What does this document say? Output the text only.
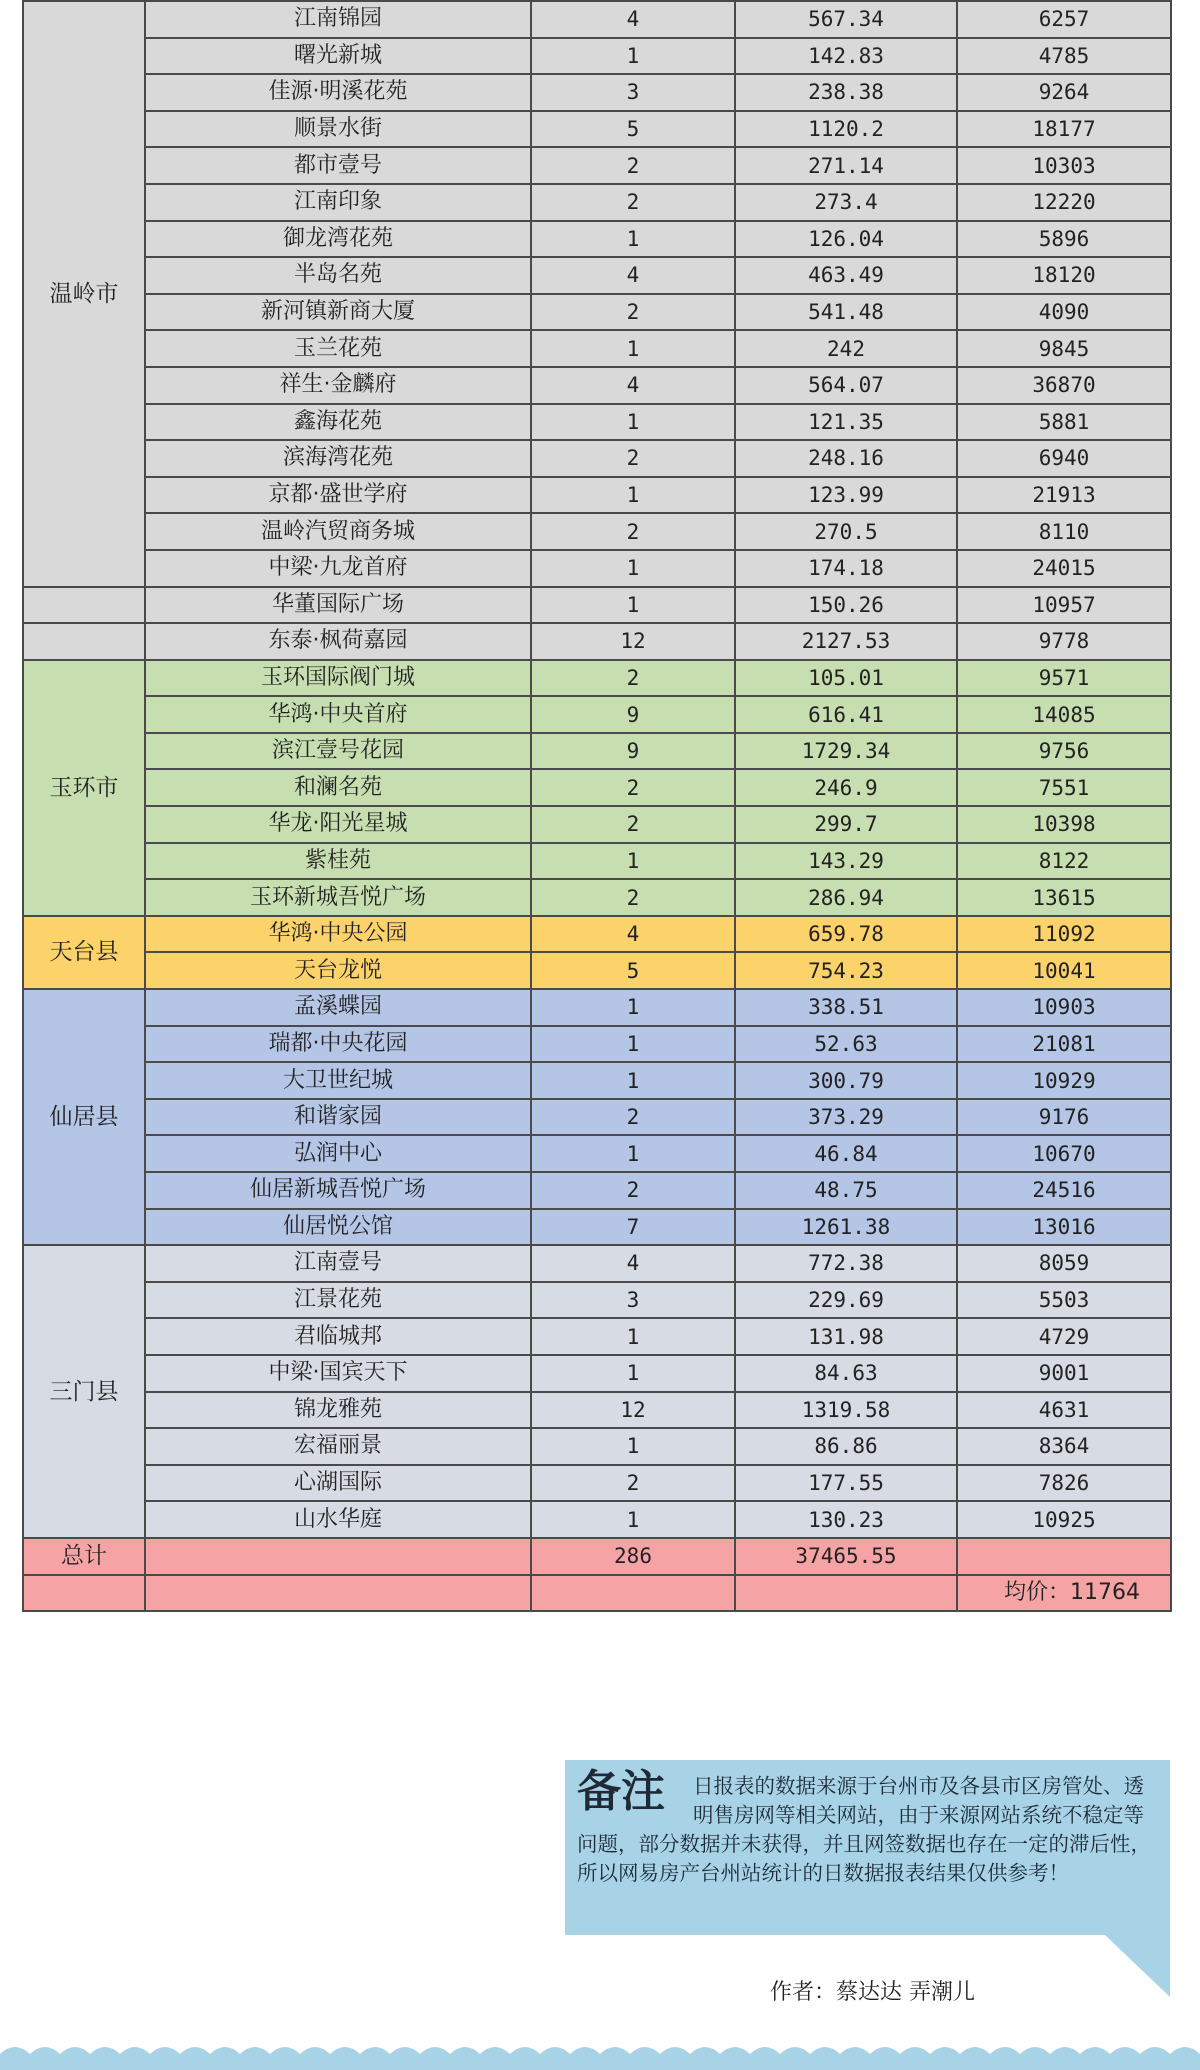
温岭市	江南锦园	4	567.34	6257
	曙光新城	1	142.83	4785
	佳源·明溪花苑	3	238.38	9264
	顺景水街	5	1120.2	18177
	都市壹号	2	271.14	10303
	江南印象	2	273.4	12220
	御龙湾花苑	1	126.04	5896
	半岛名苑	4	463.49	18120
	新河镇新商大厦	2	541.48	4090
	玉兰花苑	1	242	9845
	祥生·金麟府	4	564.07	36870
	鑫海花苑	1	121.35	5881
	滨海湾花苑	2	248.16	6940
	京都·盛世学府	1	123.99	21913
	温岭汽贸商务城	2	270.5	8110
	中梁·九龙首府	1	174.18	24015
	华董国际广场	1	150.26	10957
	东泰·枫荷嘉园	12	2127.53	9778
玉环市	玉环国际阀门城	2	105.01	9571
	华鸿·中央首府	9	616.41	14085
	滨江壹号花园	9	1729.34	9756
	和澜名苑	2	246.9	7551
	华龙·阳光星城	2	299.7	10398
	紫桂苑	1	143.29	8122
	玉环新城吾悦广场	2	286.94	13615
天台县	华鸿·中央公园	4	659.78	11092
	天台龙悦	5	754.23	10041
仙居县	孟溪蝶园	1	338.51	10903
	瑞都·中央花园	1	52.63	21081
	大卫世纪城	1	300.79	10929
	和谐家园	2	373.29	9176
	弘润中心	1	46.84	10670
	仙居新城吾悦广场	2	48.75	24516
	仙居悦公馆	7	1261.38	13016
三门县	江南壹号	4	772.38	8059
	江景花苑	3	229.69	5503
	君临城邦	1	131.98	4729
	中梁·国宾天下	1	84.63	9001
	锦龙雅苑	12	1319.58	4631
	宏福丽景	1	86.86	8364
	心湖国际	2	177.55	7826
	山水华庭	1	130.23	10925
总计		286	37465.55	
				均价：11764
备注	日报表的数据来源于台州市及各县市区房管处、透明售房网等相关网站，由于来源网站系统不稳定等问题，部分数据并未获得，并且网签数据也存在一定的滞后性，所以网易房产台州站统计的日数据报表结果仅供参考！
作者：蔡达达 弄潮儿
